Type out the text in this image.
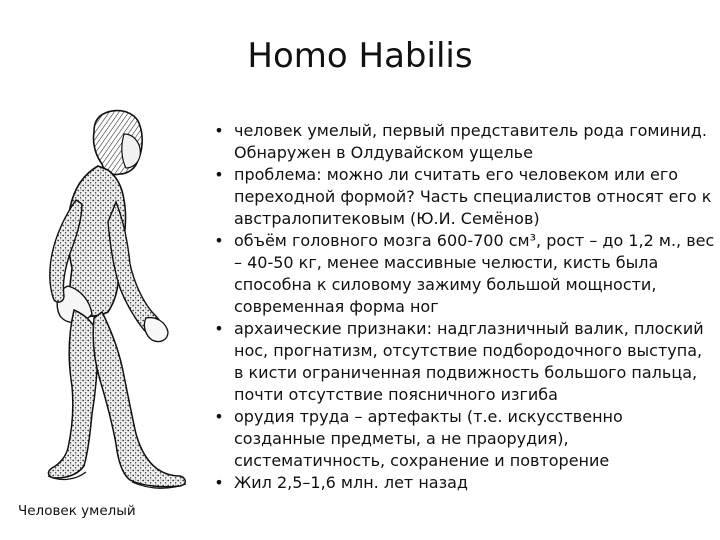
Homo Habilis
Человек умелый
• человек умелый, первый представитель рода гоминид. Обнаружен в Олдувайском ущелье
• проблема: можно ли считать его человеком или его переходной формой? Часть специалистов относят его к австралопитековым (Ю.И. Семёнов)
• объём головного мозга 600-700 см³, рост – до 1,2 м., вес – 40-50 кг, менее массивные челюсти, кисть была способна к силовому зажиму большой мощности, современная форма ног
• архаические признаки: надглазничный валик, плоский нос, прогнатизм, отсутствие подбородочного выступа, в кисти ограниченная подвижность большого пальца, почти отсутствие поясничного изгиба
• орудия труда – артефакты (т.е. искусственно созданные предметы, а не праорудия), систематичность, сохранение и повторение
• Жил 2,5–1,6 млн. лет назад
